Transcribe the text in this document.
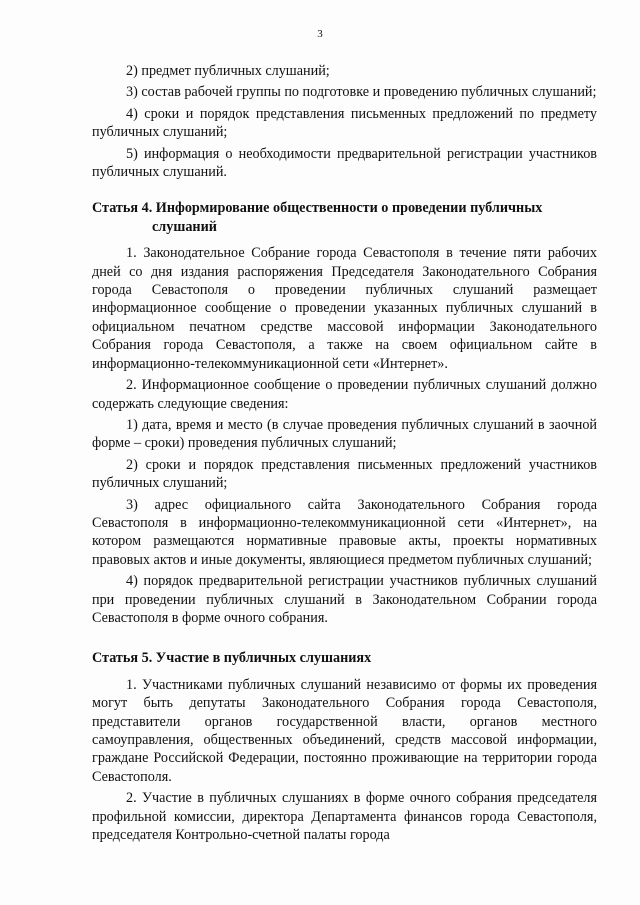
3

2) предмет публичных слушаний;

3) состав рабочей группы по подготовке и проведению публичных слушаний;

4) сроки и порядок представления письменных предложений по предмету публичных слушаний;

5) информация о необходимости предварительной регистрации участников публичных слушаний.

Статья 4. Информирование общественности о проведении публичных слушаний

1. Законодательное Собрание города Севастополя в течение пяти рабочих дней со дня издания распоряжения Председателя Законодательного Собрания города Севастополя о проведении публичных слушаний размещает информационное сообщение о проведении указанных публичных слушаний в официальном печатном средстве массовой информации Законодательного Собрания города Севастополя, а также на своем официальном сайте в информационно-телекоммуникационной сети «Интернет».

2. Информационное сообщение о проведении публичных слушаний должно содержать следующие сведения:

1) дата, время и место (в случае проведения публичных слушаний в заочной форме – сроки) проведения публичных слушаний;

2) сроки и порядок представления письменных предложений участников публичных слушаний;

3) адрес официального сайта Законодательного Собрания города Севастополя в информационно-телекоммуникационной сети «Интернет», на котором размещаются нормативные правовые акты, проекты нормативных правовых актов и иные документы, являющиеся предметом публичных слушаний;

4) порядок предварительной регистрации участников публичных слушаний при проведении публичных слушаний в Законодательном Собрании города Севастополя в форме очного собрания.

Статья 5. Участие в публичных слушаниях

1. Участниками публичных слушаний независимо от формы их проведения могут быть депутаты Законодательного Собрания города Севастополя, представители органов государственной власти, органов местного самоуправления, общественных объединений, средств массовой информации, граждане Российской Федерации, постоянно проживающие на территории города Севастополя.

2. Участие в публичных слушаниях в форме очного собрания председателя профильной комиссии, директора Департамента финансов города Севастополя, председателя Контрольно-счетной палаты города
